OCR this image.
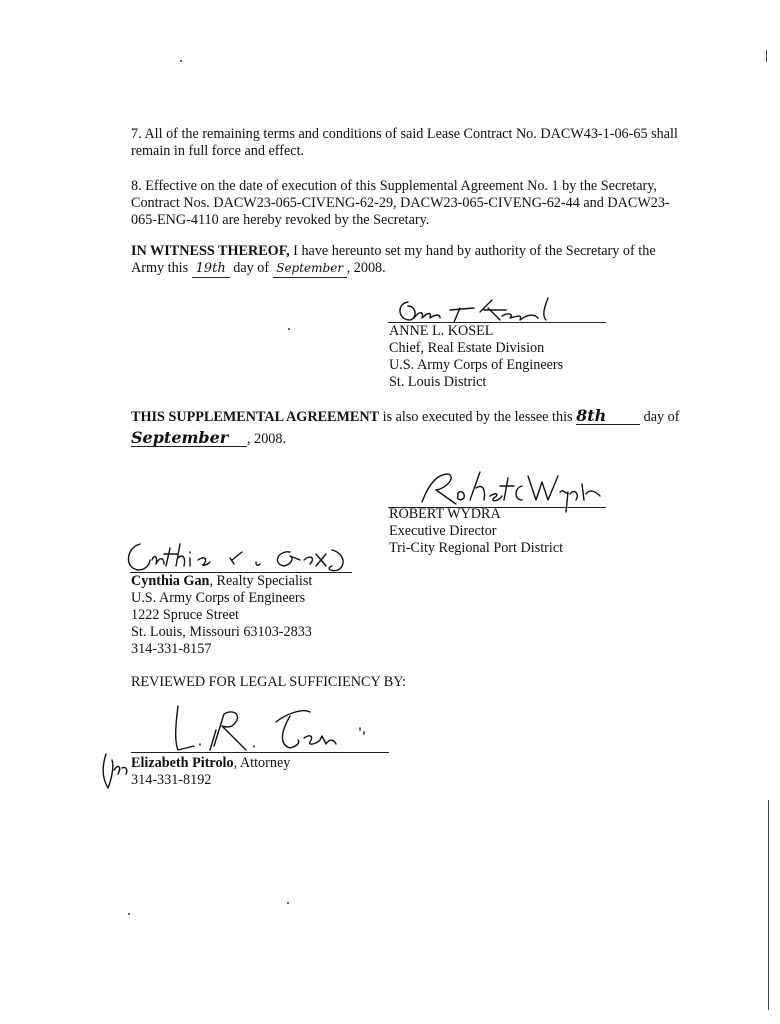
7. All of the remaining terms and conditions of said Lease Contract No. DACW43-1-06-65 shall remain in full force and effect.
8. Effective on the date of execution of this Supplemental Agreement No. 1 by the Secretary,
Contract Nos. DACW23-065-CIVENG-62-29, DACW23-065-CIVENG-62-44 and DACW23-
065-ENG-4110 are hereby revoked by the Secretary.
IN WITNESS THEREOF, I have hereunto set my hand by authority of the Secretary of the
Army this 19th day of September , 2008.
ANNE L. KOSEL
Chief, Real Estate Division
U.S. Army Corps of Engineers
St. Louis District
THIS SUPPLEMENTAL AGREEMENT is also executed by the lessee this 8th	day of
September , 2008.
ROBERT WYDRA
Executive Director
Tri-City Regional Port District
Cynthia Gan, Realty Specialist
U.S. Army Corps of Engineers
1222 Spruce Street
St. Louis, Missouri 63103-2833
314-331-8157
REVIEWED FOR LEGAL SUFFICIENCY BY:
Elizabeth Pitrolo, Attorney
314-331-8192
